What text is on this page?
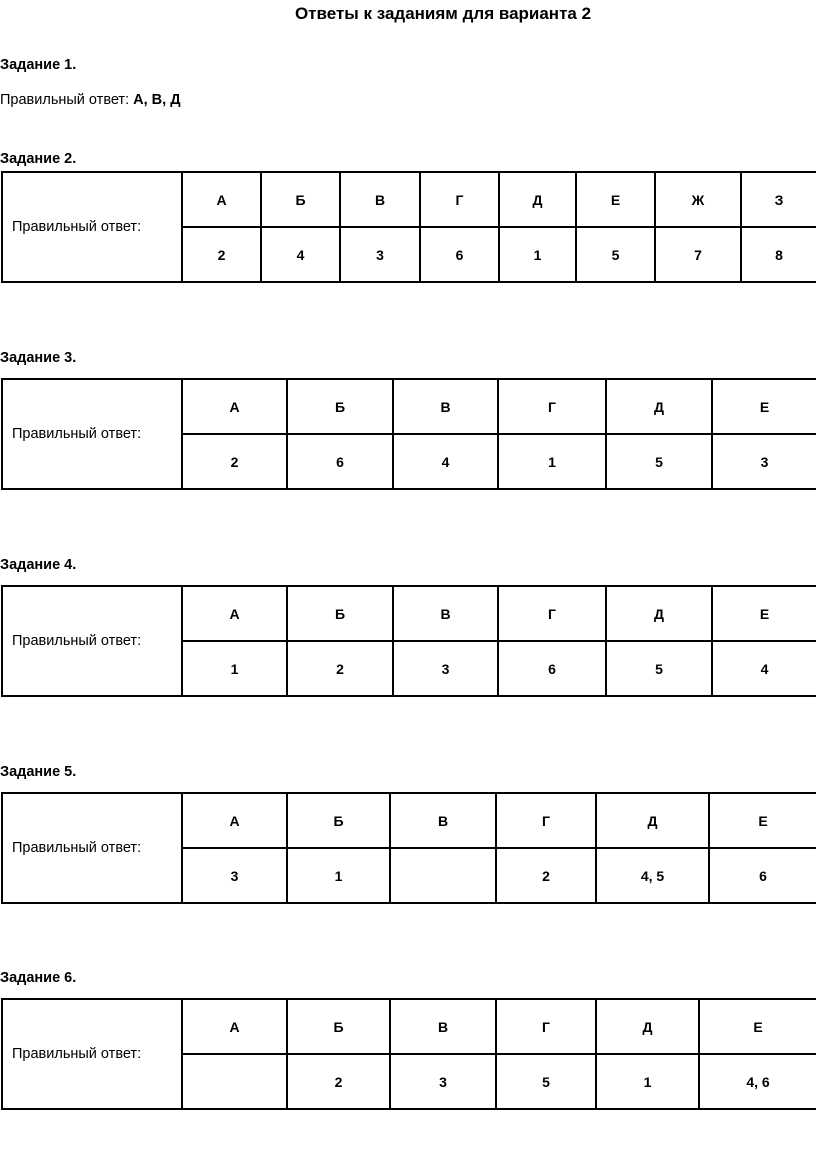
Ответы к заданиям для варианта 2
Задание 1.
Правильный ответ: А, В, Д
Задание 2.
Правильный ответ:	А	Б	В	Г	Д	Е	Ж	З
	2	4	3	6	1	5	7	8
Задание 3.
Правильный ответ:	А	Б	В	Г	Д	Е
	2	6	4	1	5	3
Задание 4.
Правильный ответ:	А	Б	В	Г	Д	Е
	1	2	3	6	5	4
Задание 5.
Правильный ответ:	А	Б	В	Г	Д	Е
	3	1		2	4, 5	6
Задание 6.
Правильный ответ:	А	Б	В	Г	Д	Е
		2	3	5	1	4, 6
